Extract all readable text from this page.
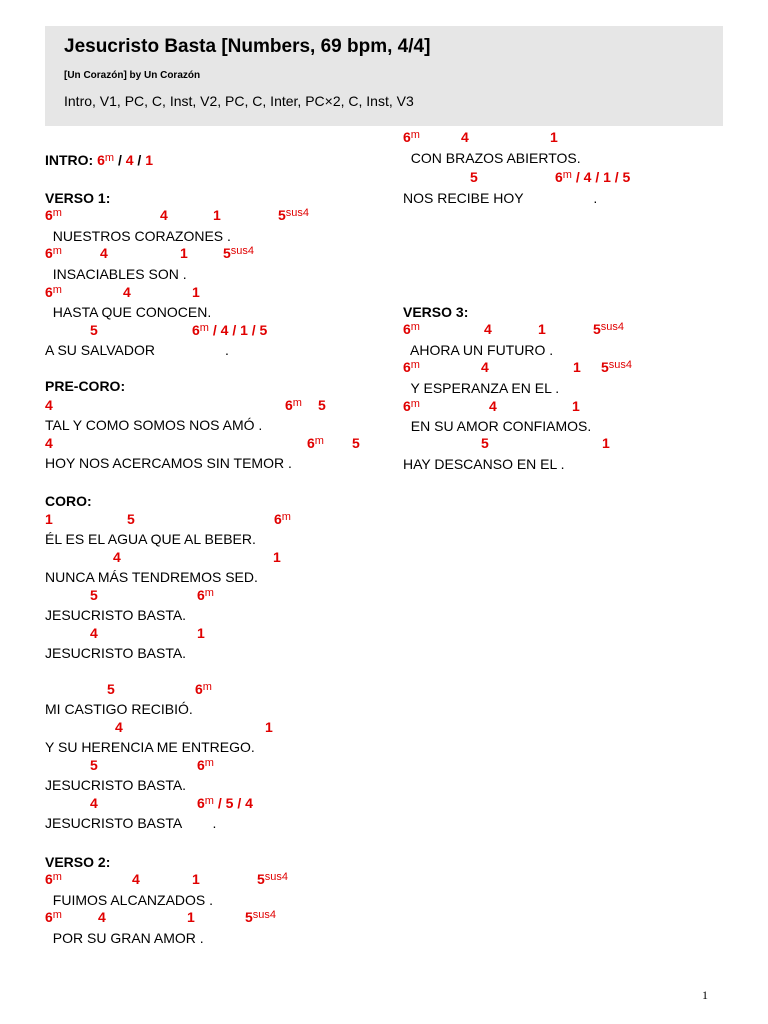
Jesucristo Basta [Numbers, 69 bpm, 4/4]
[Un Corazón] by Un Corazón
Intro, V1, PC, C, Inst, V2, PC, C, Inter, PC×2, C, Inst, V3
INTRO: 6$^m$ / 4 / 1
VERSO 1:
6$^m$	4	1	$5^{sus4}$
NUESTROS CORAZONES .
6$^m$	4	1	$5^{sus4}$
INSACIABLES SON .
6$^m$	4	1
HASTA QUE CONOCEN.
5	6$^m$ / 4 / 1 / 5
A SU SALVADOR                  .
PRE-CORO:
4	6$^m$ 5
TAL Y COMO SOMOS NOS AMÓ .
4	6$^m$ 5
HOY NOS ACERCAMOS SIN TEMOR .
CORO:
1	5	6$^m$
ÉL ES EL AGUA QUE AL BEBER.
4	1
NUNCA MÁS TENDREMOS SED.
5	6$^m$
JESUCRISTO BASTA.
4	1
JESUCRISTO BASTA.
5	6$^m$
MI CASTIGO RECIBIÓ.
4	1
Y SU HERENCIA ME ENTREGO.
5	6$^m$
JESUCRISTO BASTA.
4	6$^m$ / 5 / 4
JESUCRISTO BASTA        .
VERSO 2:
6$^m$	4	1	$5^{sus4}$
FUIMOS ALCANZADOS .
6$^m$	4	1	$5^{sus4}$
POR SU GRAN AMOR .
6$^m$	4	1
CON BRAZOS ABIERTOS.
5	6$^m$ / 4 / 1 / 5
NOS RECIBE HOY                  .
VERSO 3:
6$^m$	4	1	$5^{sus4}$
AHORA UN FUTURO .
6$^m$	4	1 $5^{sus4}$
Y ESPERANZA EN EL .
6$^m$	4	1
EN SU AMOR CONFIAMOS.
5	1
HAY DESCANSO EN EL .
1
